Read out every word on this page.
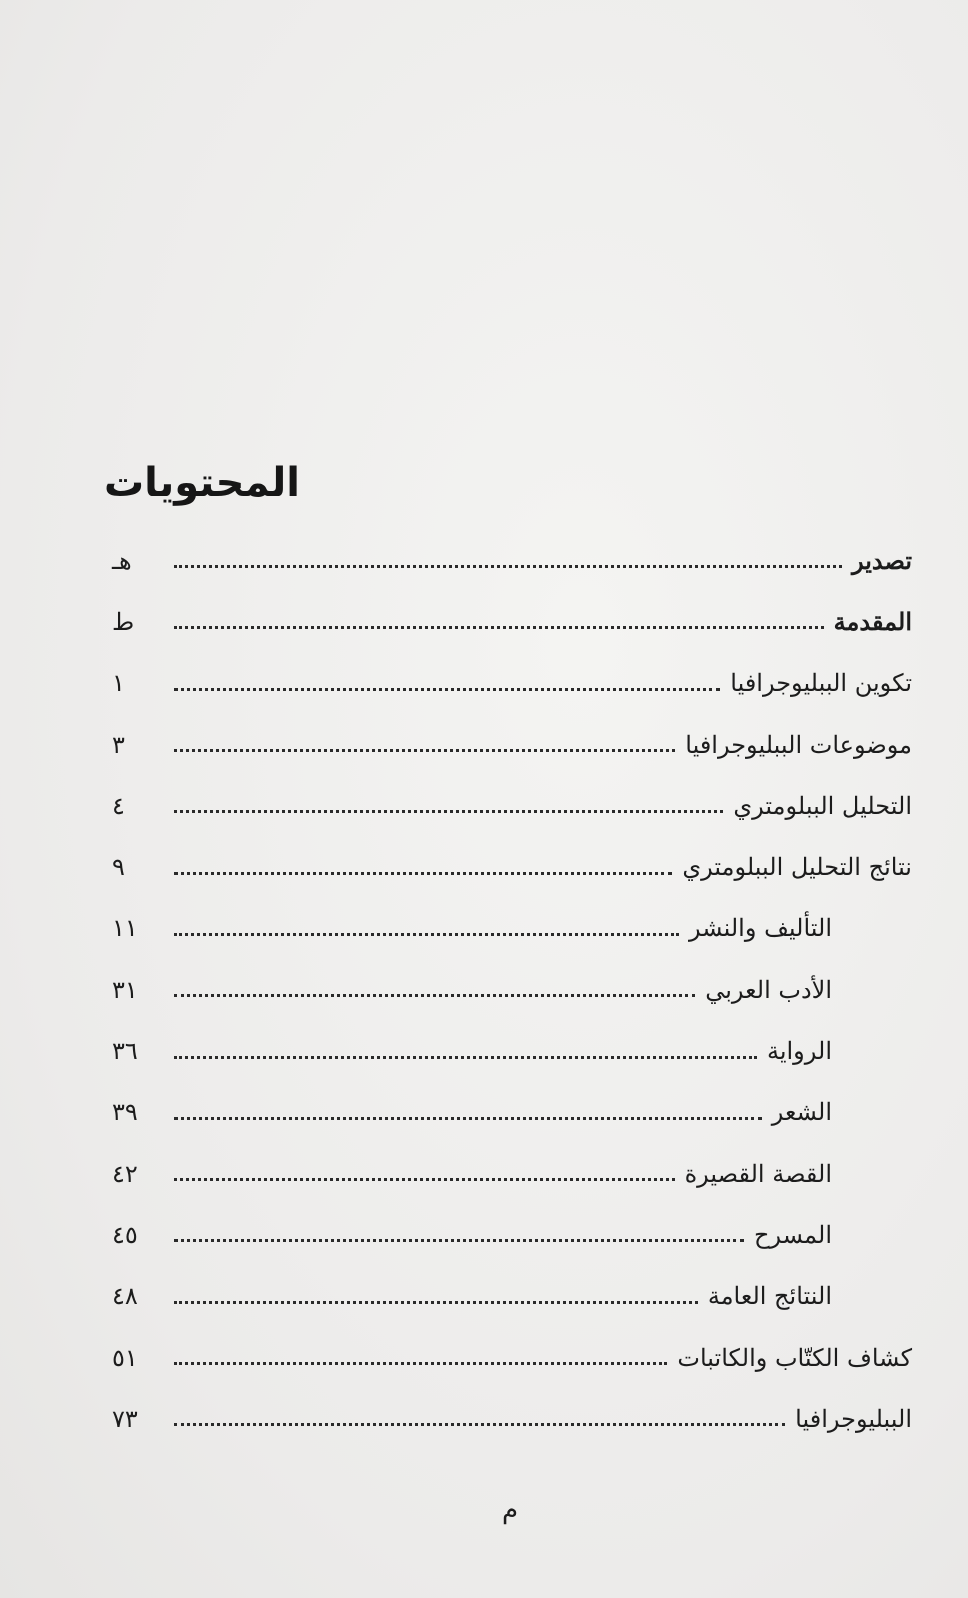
المحتويات
تصدير
هـ
المقدمة
ط
تكوين الببليوجرافيا
١
موضوعات الببليوجرافيا
٣
التحليل الببلومتري
٤
نتائج التحليل الببلومتري
٩
التأليف والنشر
١١
الأدب العربي
٣١
الرواية
٣٦
الشعر
٣٩
القصة القصيرة
٤٢
المسرح
٤٥
النتائج العامة
٤٨
كشاف الكتّاب والكاتبات
٥١
الببليوجرافيا
٧٣
م
